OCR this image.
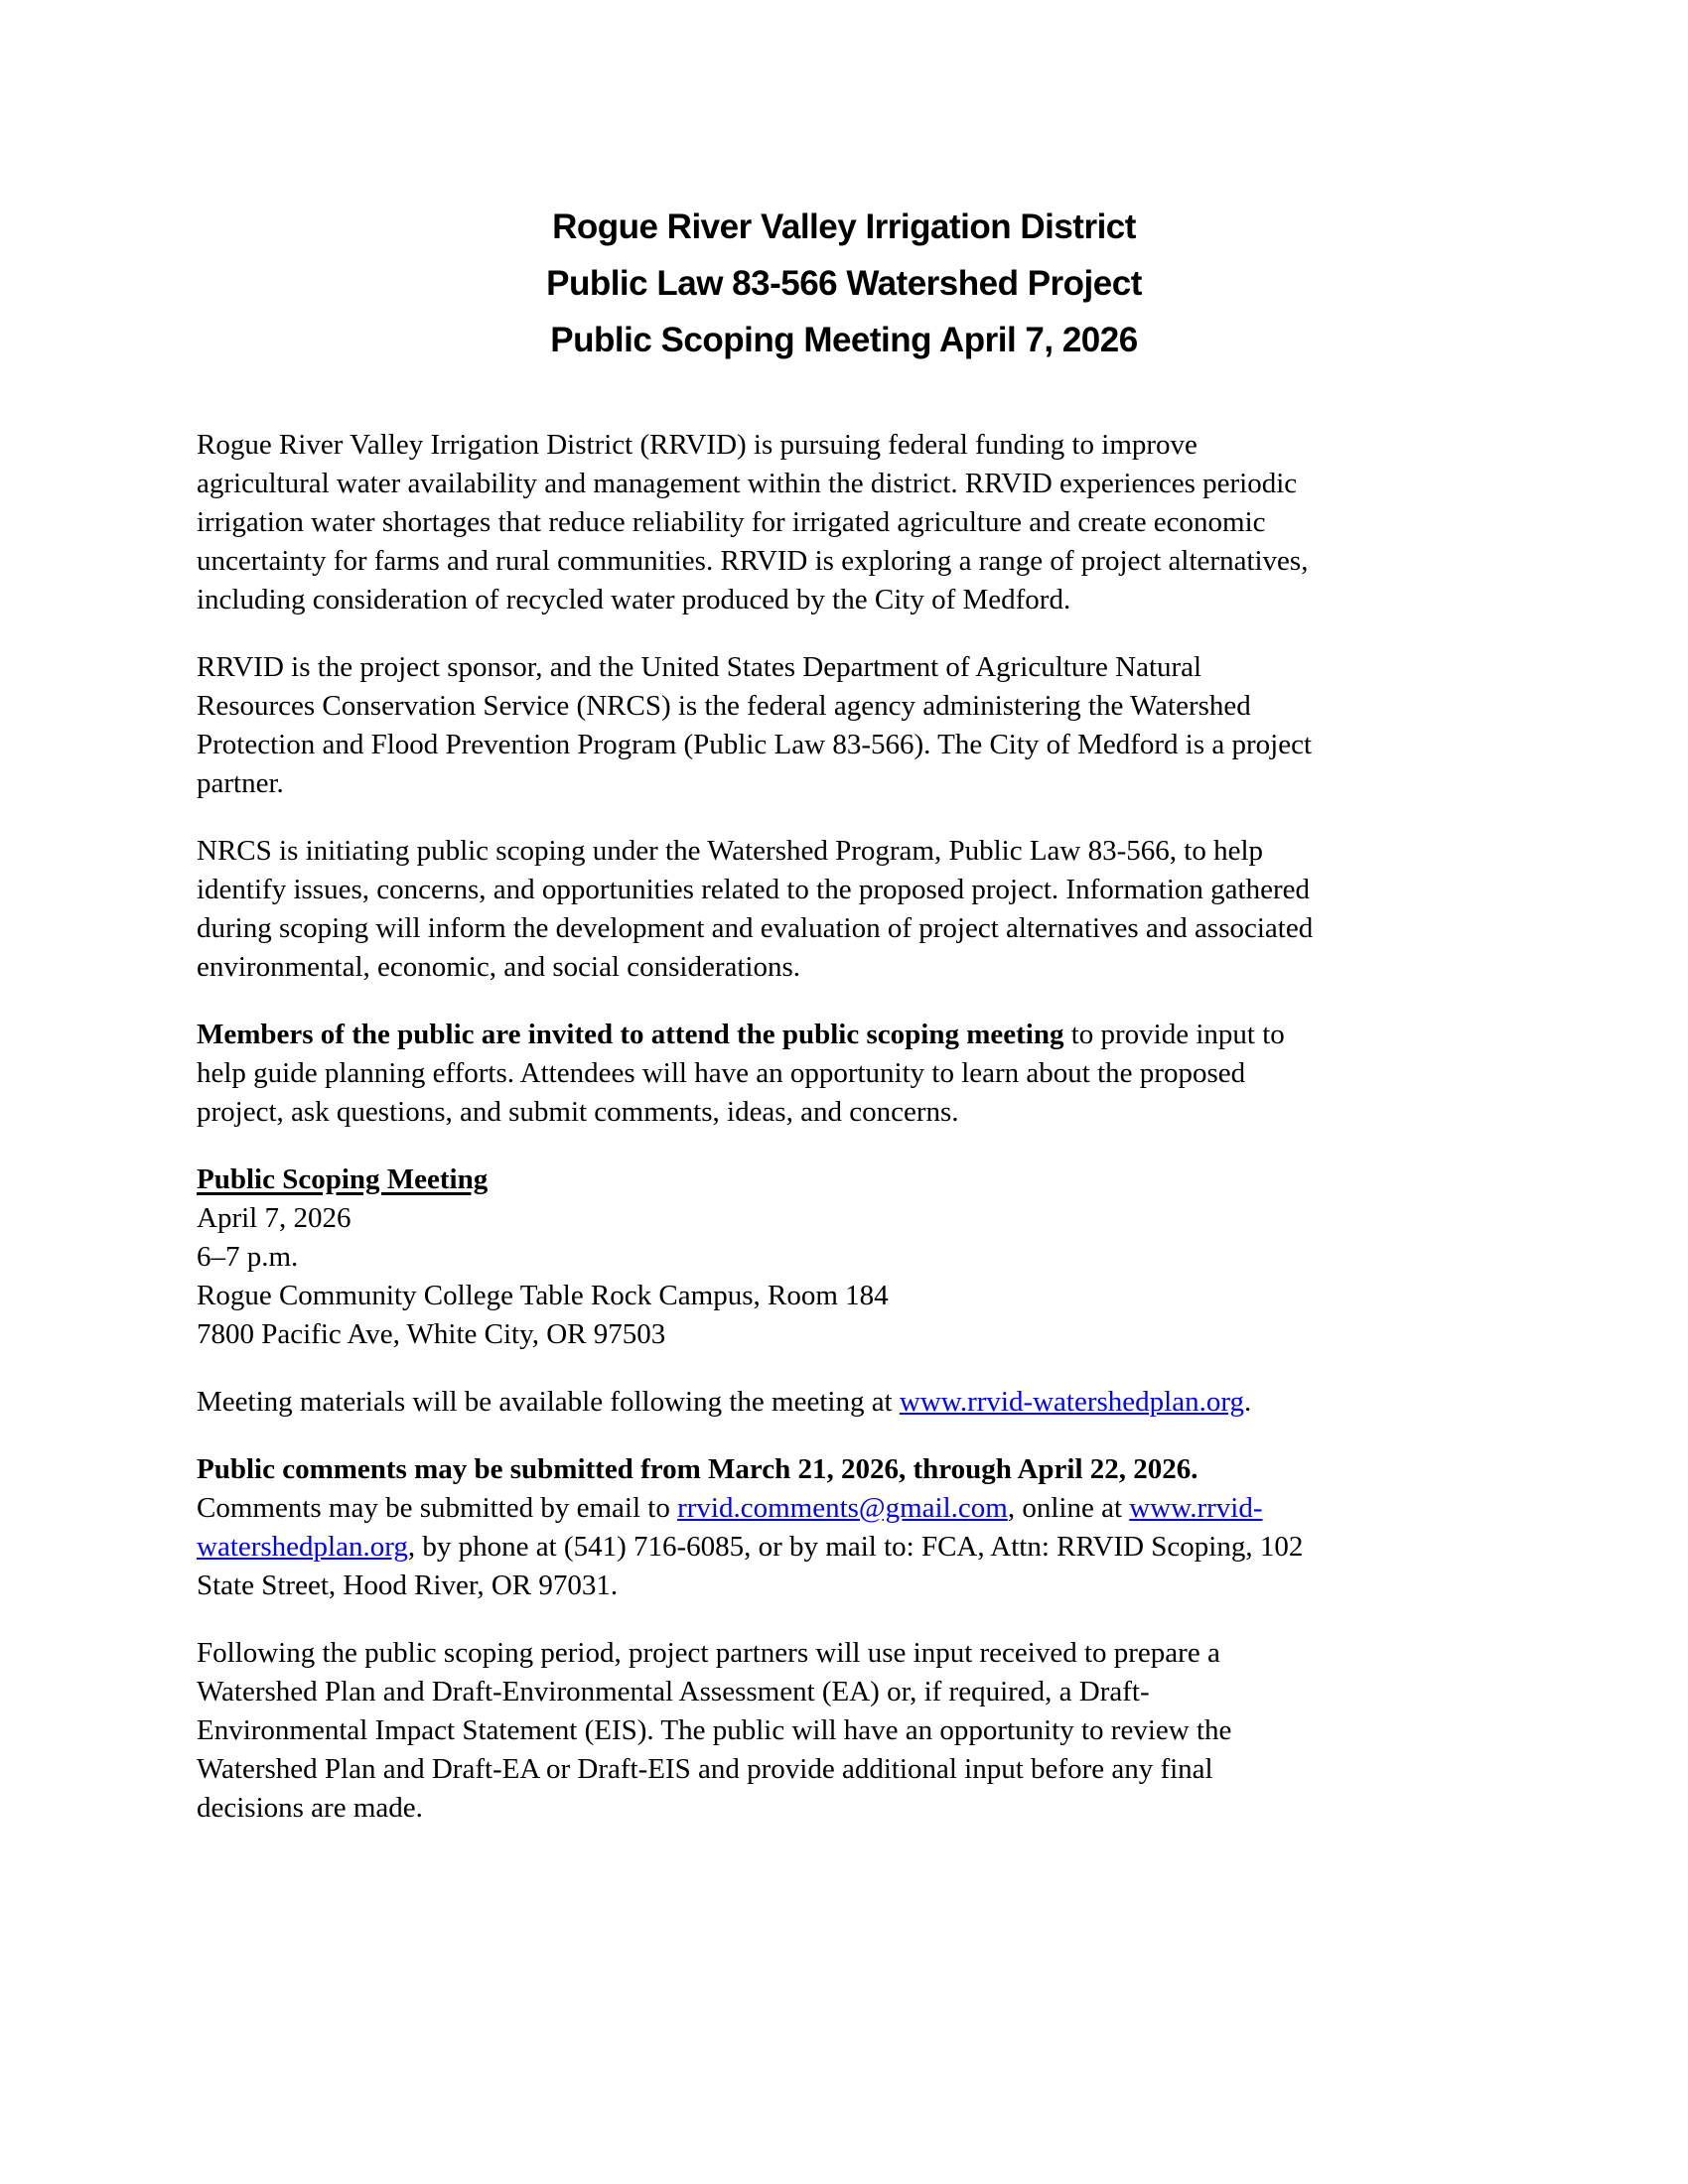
Rogue River Valley Irrigation District
Public Law 83-566 Watershed Project
Public Scoping Meeting April 7, 2026
Rogue River Valley Irrigation District (RRVID) is pursuing federal funding to improve
agricultural water availability and management within the district. RRVID experiences periodic
irrigation water shortages that reduce reliability for irrigated agriculture and create economic
uncertainty for farms and rural communities. RRVID is exploring a range of project alternatives,
including consideration of recycled water produced by the City of Medford.
RRVID is the project sponsor, and the United States Department of Agriculture Natural
Resources Conservation Service (NRCS) is the federal agency administering the Watershed
Protection and Flood Prevention Program (Public Law 83-566). The City of Medford is a project
partner.
NRCS is initiating public scoping under the Watershed Program, Public Law 83-566, to help
identify issues, concerns, and opportunities related to the proposed project. Information gathered
during scoping will inform the development and evaluation of project alternatives and associated
environmental, economic, and social considerations.
Members of the public are invited to attend the public scoping meeting to provide input to
help guide planning efforts. Attendees will have an opportunity to learn about the proposed
project, ask questions, and submit comments, ideas, and concerns.
Public Scoping Meeting
April 7, 2026
6–7 p.m.
Rogue Community College Table Rock Campus, Room 184
7800 Pacific Ave, White City, OR 97503
Meeting materials will be available following the meeting at www.rrvid-watershedplan.org.
Public comments may be submitted from March 21, 2026, through April 22, 2026.
Comments may be submitted by email to rrvid.comments@gmail.com, online at www.rrvid-
watershedplan.org, by phone at (541) 716-6085, or by mail to: FCA, Attn: RRVID Scoping, 102
State Street, Hood River, OR 97031.
Following the public scoping period, project partners will use input received to prepare a
Watershed Plan and Draft-Environmental Assessment (EA) or, if required, a Draft-
Environmental Impact Statement (EIS). The public will have an opportunity to review the
Watershed Plan and Draft-EA or Draft-EIS and provide additional input before any final
decisions are made.
